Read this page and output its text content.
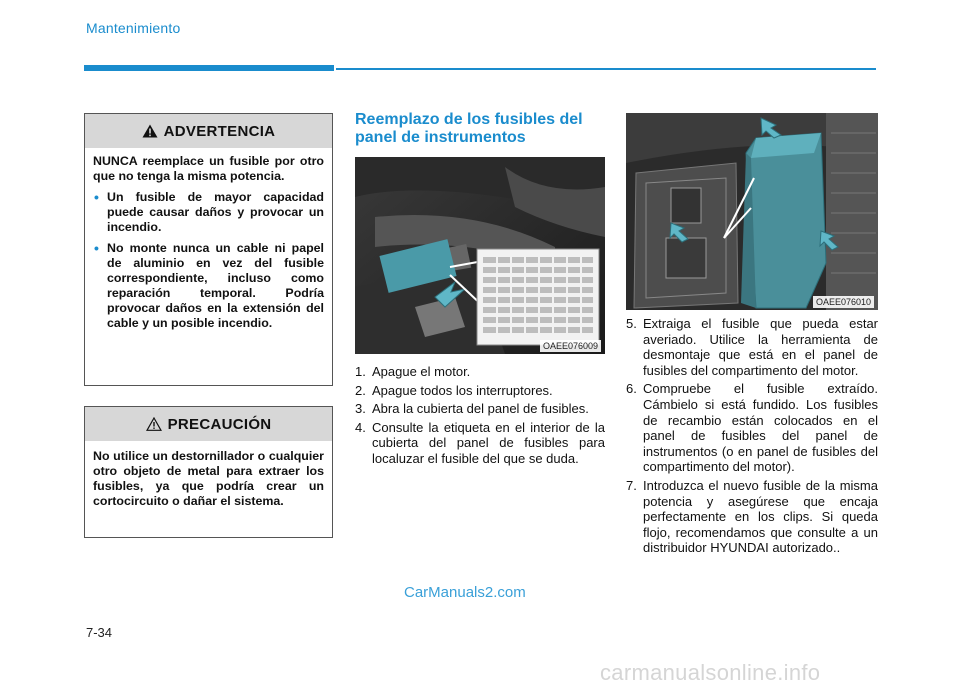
Mantenimiento
ADVERTENCIA

NUNCA reemplace un fusible por otro que no tenga la misma potencia.

• Un fusible de mayor capacidad puede causar daños y provocar un incendio.
• No monte nunca un cable ni papel de aluminio en vez del fusible correspondiente, incluso como reparación temporal. Podría provocar daños en la extensión del cable y un posible incendio.
PRECAUCIÓN

No utilice un destornillador o cualquier otro objeto de metal para extraer los fusibles, ya que podría crear un cortocircuito o dañar el sistema.

Reemplazo de los fusibles del panel de instrumentos
OAEE076009
1. Apague el motor.
2. Apague todos los interruptores.
3. Abra la cubierta del panel de fusibles.
4. Consulte la etiqueta en el interior de la cubierta del panel de fusibles para localuzar el fusible del que se duda.
OAEE076010
5. Extraiga el fusible que pueda estar averiado. Utilice la herramienta de desmontaje que está en el panel de fusibles del compartimento del motor.
6. Compruebe el fusible extraído. Cámbielo si está fundido. Los fusibles de recambio están colocados en el panel de fusibles del panel de instrumentos (o en panel de fusibles del compartimento del motor).
7. Introduzca el nuevo fusible de la misma potencia y asegúrese que encaja perfectamente en los clips. Si queda flojo, recomendamos que consulte a un distribuidor HYUNDAI autorizado..
CarManuals2.com
7-34
carmanualsonline.info
